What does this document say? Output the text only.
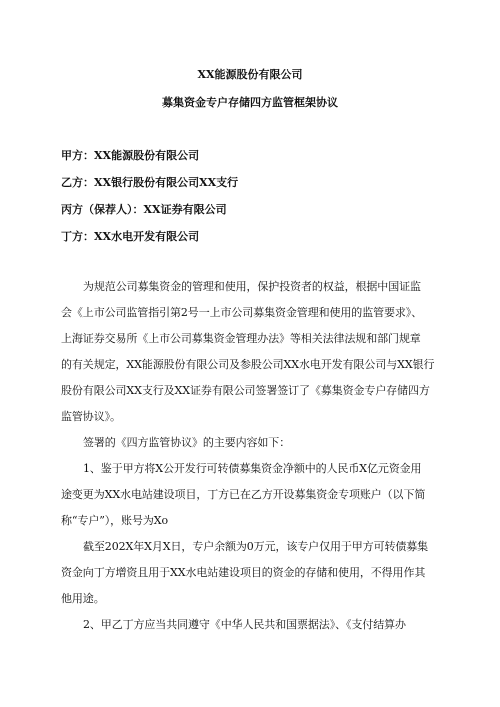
XX能源股份有限公司
募集资金专户存储四方监管框架协议
甲方：XX能源股份有限公司
乙方：XX银行股份有限公司XX支行
丙方（保荐人）：XX证券有限公司
丁方：XX水电开发有限公司
为规范公司募集资金的管理和使用，保护投资者的权益，根据中国证监
会《上市公司监管指引第2号一上市公司募集资金管理和使用的监管要求》、
上海证券交易所《上市公司募集资金管理办法》等相关法律法规和部门规章
的有关规定，XX能源股份有限公司及参股公司XX水电开发有限公司与XX银行
股份有限公司XX支行及XX证券有限公司签署签订了《募集资金专户存储四方
监管协议》。
签署的《四方监管协议》的主要内容如下：
1、鉴于甲方将X公开发行可转债募集资金净额中的人民币X亿元资金用
途变更为XX水电站建设项目，丁方已在乙方开设募集资金专项账户（以下简
称“专户”），账号为Xo
截至202X年X月X日，专户余额为0万元，该专户仅用于甲方可转债募集
资金向丁方增资且用于XX水电站建设项目的资金的存储和使用，不得用作其
他用途。
2、甲乙丁方应当共同遵守《中华人民共和国票据法》、《支付结算办
